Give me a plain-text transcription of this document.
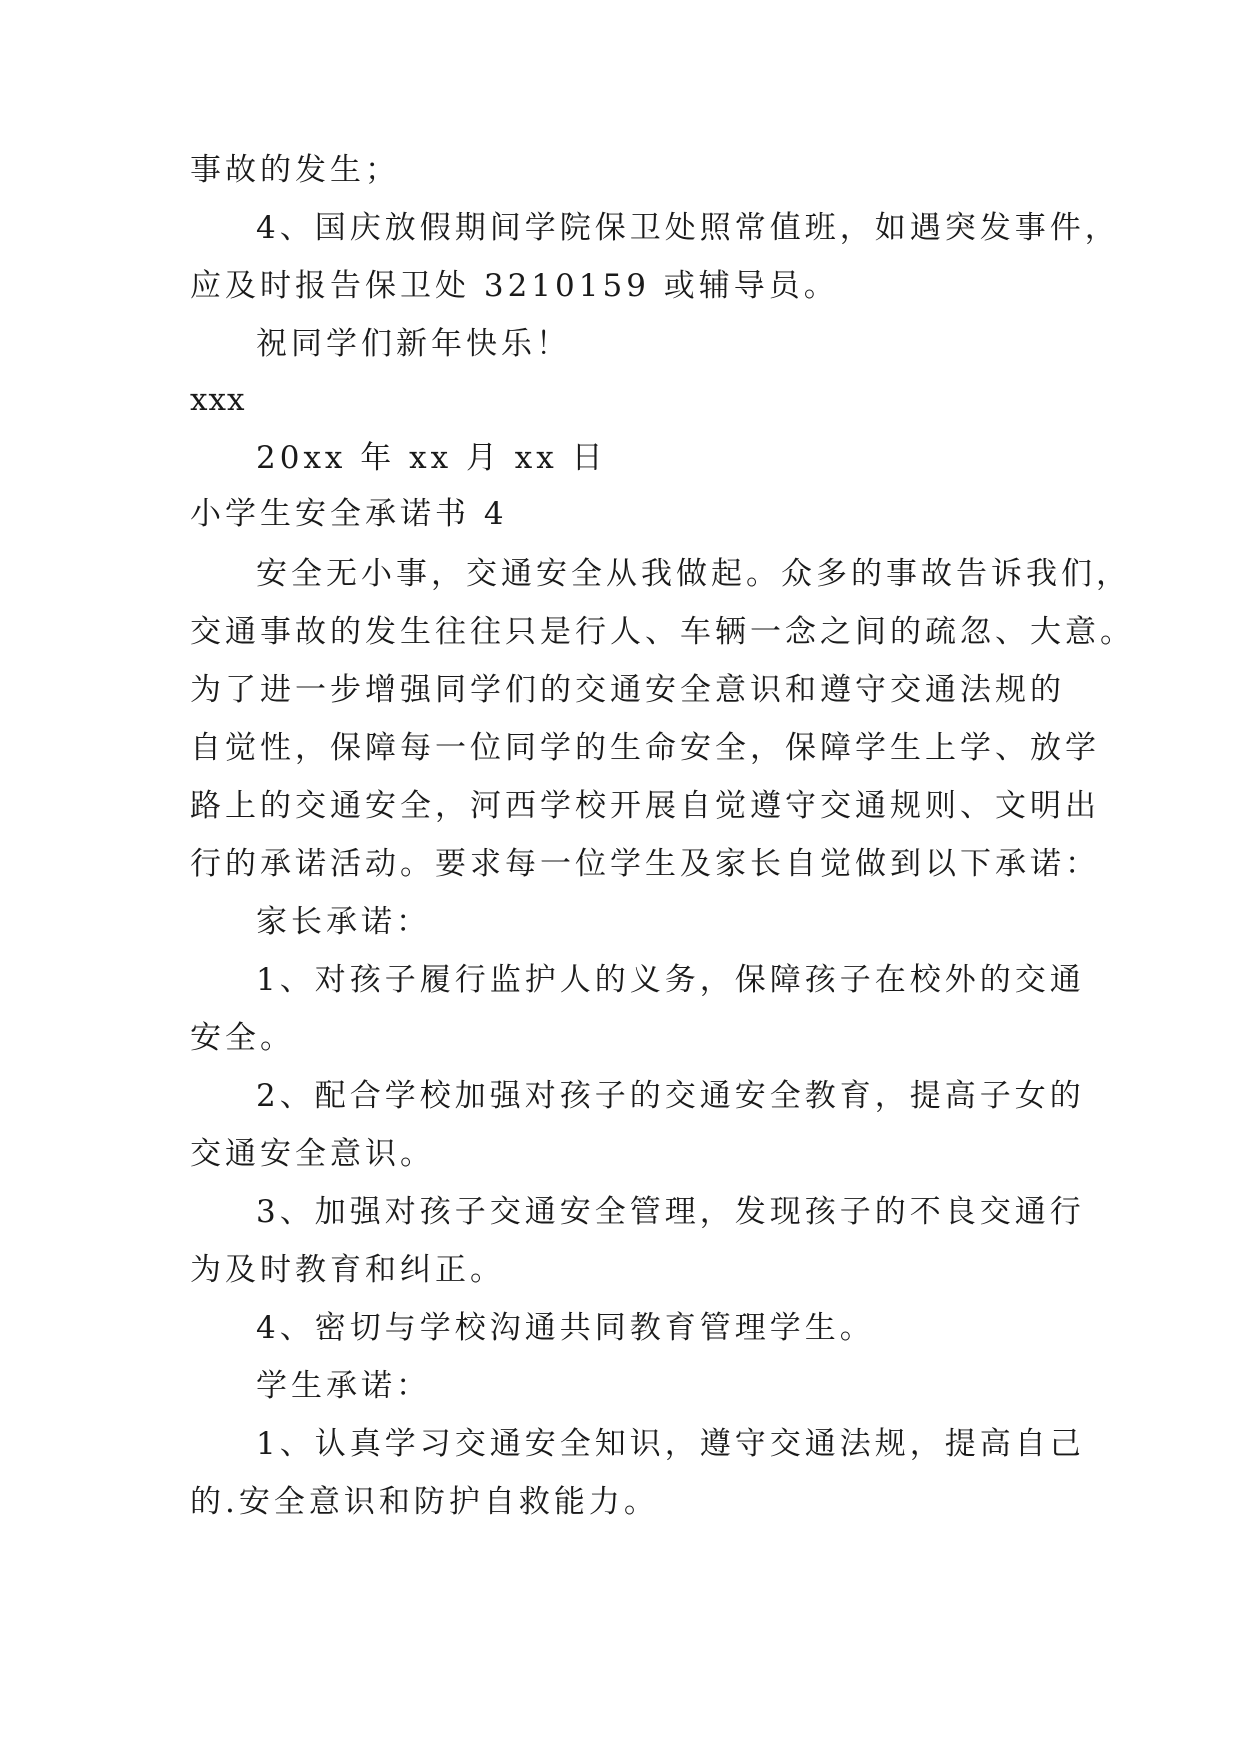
事故的发生；
4、国庆放假期间学院保卫处照常值班，如遇突发事件，
应及时报告保卫处 3210159 或辅导员。
祝同学们新年快乐！
xxx
20xx 年 xx 月 xx 日
小学生安全承诺书 4
安全无小事，交通安全从我做起。众多的事故告诉我们，
交通事故的发生往往只是行人、车辆一念之间的疏忽、大意。
为了进一步增强同学们的交通安全意识和遵守交通法规的
自觉性，保障每一位同学的生命安全，保障学生上学、放学
路上的交通安全，河西学校开展自觉遵守交通规则、文明出
行的承诺活动。要求每一位学生及家长自觉做到以下承诺：
家长承诺：
1、对孩子履行监护人的义务，保障孩子在校外的交通
安全。
2、配合学校加强对孩子的交通安全教育，提高子女的
交通安全意识。
3、加强对孩子交通安全管理，发现孩子的不良交通行
为及时教育和纠正。
4、密切与学校沟通共同教育管理学生。
学生承诺：
1、认真学习交通安全知识，遵守交通法规，提高自己
的.安全意识和防护自救能力。
